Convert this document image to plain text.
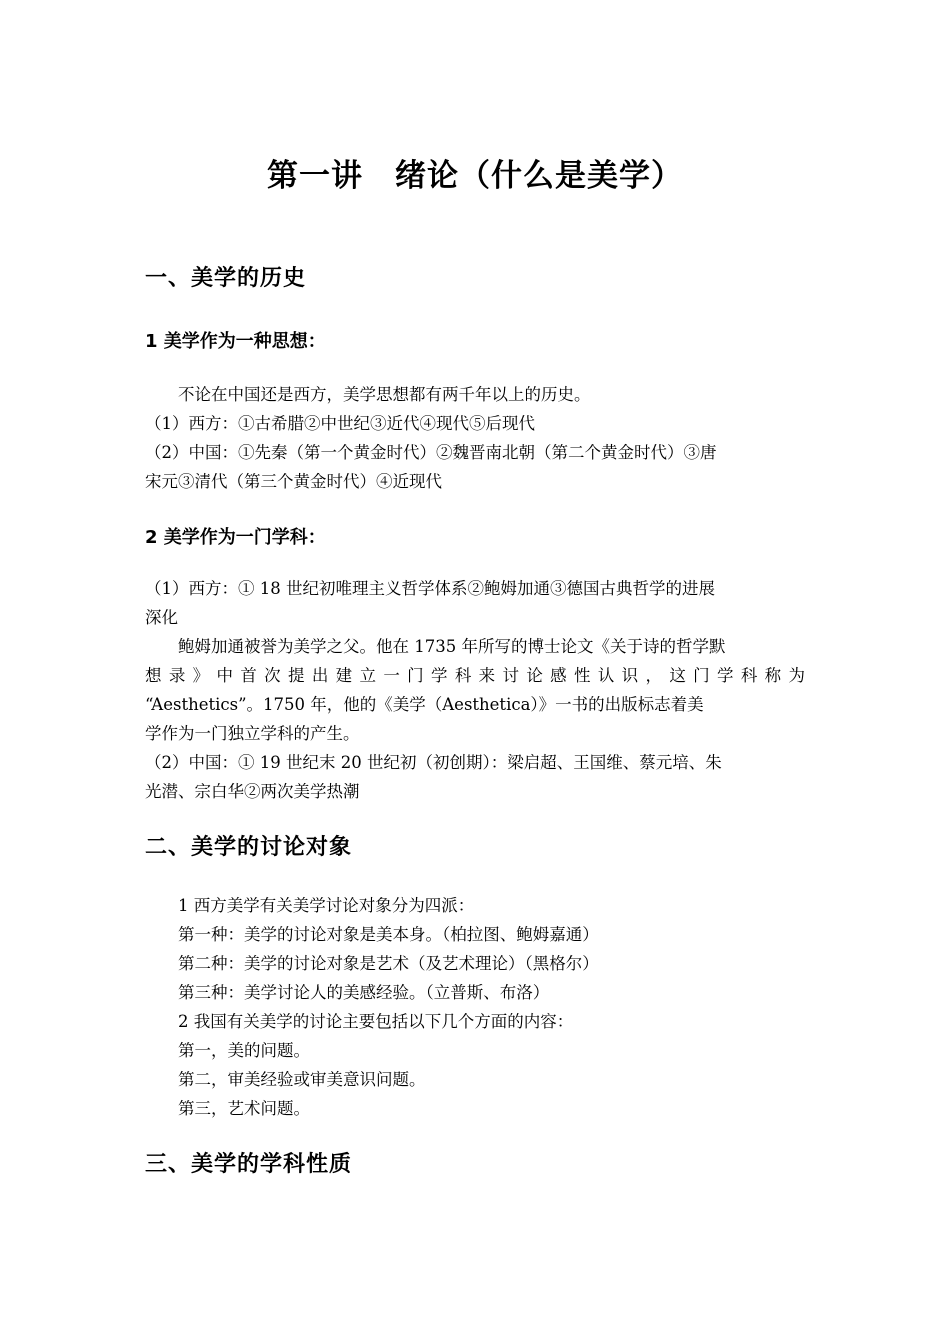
第一讲　绪论（什么是美学）
一、美学的历史
1 美学作为一种思想：
不论在中国还是西方，美学思想都有两千年以上的历史。
（1）西方：①古希腊②中世纪③近代④现代⑤后现代
（2）中国：①先秦（第一个黄金时代）②魏晋南北朝（第二个黄金时代）③唐
宋元③清代（第三个黄金时代）④近现代
2 美学作为一门学科：
（1）西方：① 18 世纪初唯理主义哲学体系②鲍姆加通③德国古典哲学的进展
深化
鲍姆加通被誉为美学之父。他在 1735 年所写的博士论文《关于诗的哲学默
想录》中首次提出建立一门学科来讨论感性认识，这门学科称为
“Aesthetics”。1750 年，他的《美学（Aesthetica）》一书的出版标志着美
学作为一门独立学科的产生。
（2）中国：① 19 世纪末 20 世纪初（初创期）：梁启超、王国维、蔡元培、朱
光潜、宗白华②两次美学热潮
二、美学的讨论对象
1 西方美学有关美学讨论对象分为四派：
第一种：美学的讨论对象是美本身。（柏拉图、鲍姆嘉通）
第二种：美学的讨论对象是艺术（及艺术理论）（黑格尔）
第三种：美学讨论人的美感经验。（立普斯、布洛）
2 我国有关美学的讨论主要包括以下几个方面的内容：
第一，美的问题。
第二，审美经验或审美意识问题。
第三，艺术问题。
三、美学的学科性质
